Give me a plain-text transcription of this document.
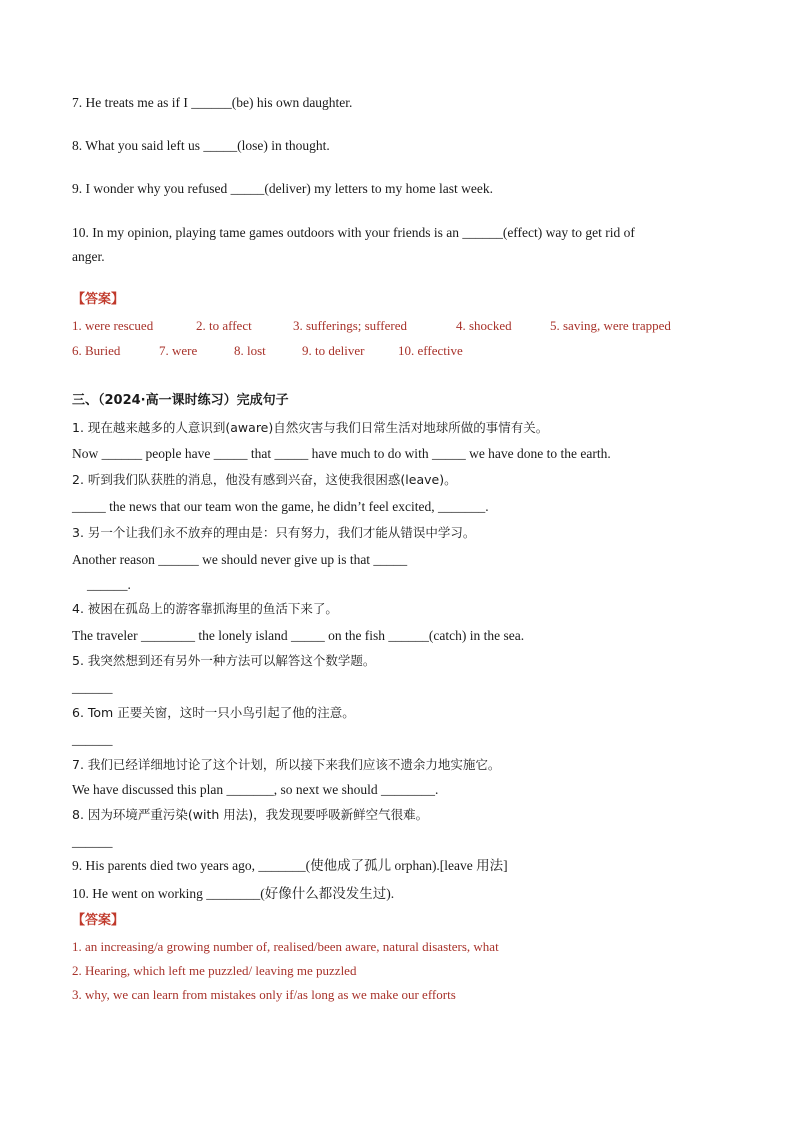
7. He treats me as if I ______(be) his own daughter.

8. What you said left us _____(lose) in thought.

9. I wonder why you refused _____(deliver) my letters to my home last week.

10. In my opinion, playing tame games outdoors with your friends is an ______(effect) way to get rid of

anger.

【答案】

1. were rescued	2. to affect	3. sufferings; suffered	4. shocked	5. saving, were trapped
6. Buried	7. were	8. lost	9. to deliver	10. effective

三、（2024·高一课时练习）完成句子

1. 现在越来越多的人意识到(aware)自然灾害与我们日常生活对地球所做的事情有关。

Now ______ people have _____ that _____ have much to do with _____ we have done to the earth.

2. 听到我们队获胜的消息，他没有感到兴奋，这使我很困惑(leave)。

_____ the news that our team won the game, he didn’t feel excited, _______.

3. 另一个让我们永不放弃的理由是：只有努力，我们才能从错误中学习。

Another reason ______ we should never give up is that _____

______.

4. 被困在孤岛上的游客靠抓海里的鱼活下来了。

The traveler ________ the lonely island _____ on the fish ______(catch) in the sea.

5. 我突然想到还有另外一种方法可以解答这个数学题。

______

6. Tom 正要关窗，这时一只小鸟引起了他的注意。

______

7. 我们已经详细地讨论了这个计划，所以接下来我们应该不遗余力地实施它。

We have discussed this plan _______, so next we should ________.

8. 因为环境严重污染(with 用法)，我发现要呼吸新鲜空气很难。

______

9. His parents died two years ago, _______(使他成了孤儿 orphan).[leave 用法]

10. He went on working ________(好像什么都没发生过).

【答案】

1. an increasing/a growing number of, realised/been aware, natural disasters, what

2. Hearing, which left me puzzled/ leaving me puzzled

3. why, we can learn from mistakes only if/as long as we make our efforts
